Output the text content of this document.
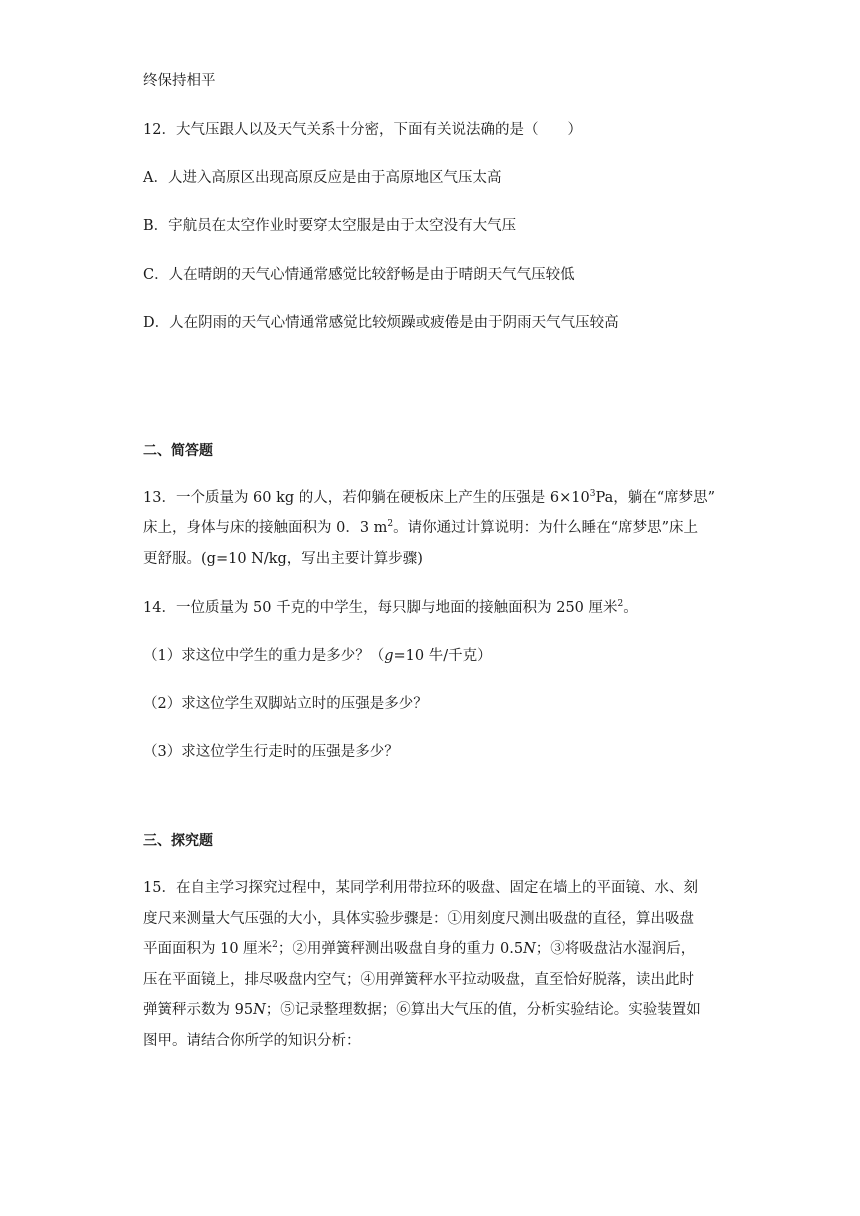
终保持相平
12．大气压跟人以及天气关系十分密，下面有关说法确的是（　　）
A．人进入高原区出现高原反应是由于高原地区气压太高
B．宇航员在太空作业时要穿太空服是由于太空没有大气压
C．人在晴朗的天气心情通常感觉比较舒畅是由于晴朗天气气压较低
D．人在阴雨的天气心情通常感觉比较烦躁或疲倦是由于阴雨天气气压较高
二、简答题
13．一个质量为 60 kg 的人，若仰躺在硬板床上产生的压强是 $6\times 10^3Pa$，躺在“席梦思”
床上，身体与床的接触面积为 0．3 $m^2$。请你通过计算说明：为什么睡在“席梦思”床上
更舒服。(g=10 N/kg，写出主要计算步骤)
14．一位质量为 50 千克的中学生，每只脚与地面的接触面积为 250 厘米$^2$。
（1）求这位中学生的重力是多少？（g=10 牛/千克）
（2）求这位学生双脚站立时的压强是多少？
（3）求这位学生行走时的压强是多少？
三、探究题
15．在自主学习探究过程中，某同学利用带拉环的吸盘、固定在墙上的平面镜、水、刻
度尺来测量大气压强的大小，具体实验步骤是：①用刻度尺测出吸盘的直径，算出吸盘
平面面积为 10 厘米$^2$；②用弹簧秤测出吸盘自身的重力 0.5N；③将吸盘沾水湿润后，
压在平面镜上，排尽吸盘内空气；④用弹簧秤水平拉动吸盘，直至恰好脱落，读出此时
弹簧秤示数为 95N；⑤记录整理数据；⑥算出大气压的值，分析实验结论。实验装置如
图甲。请结合你所学的知识分析：
